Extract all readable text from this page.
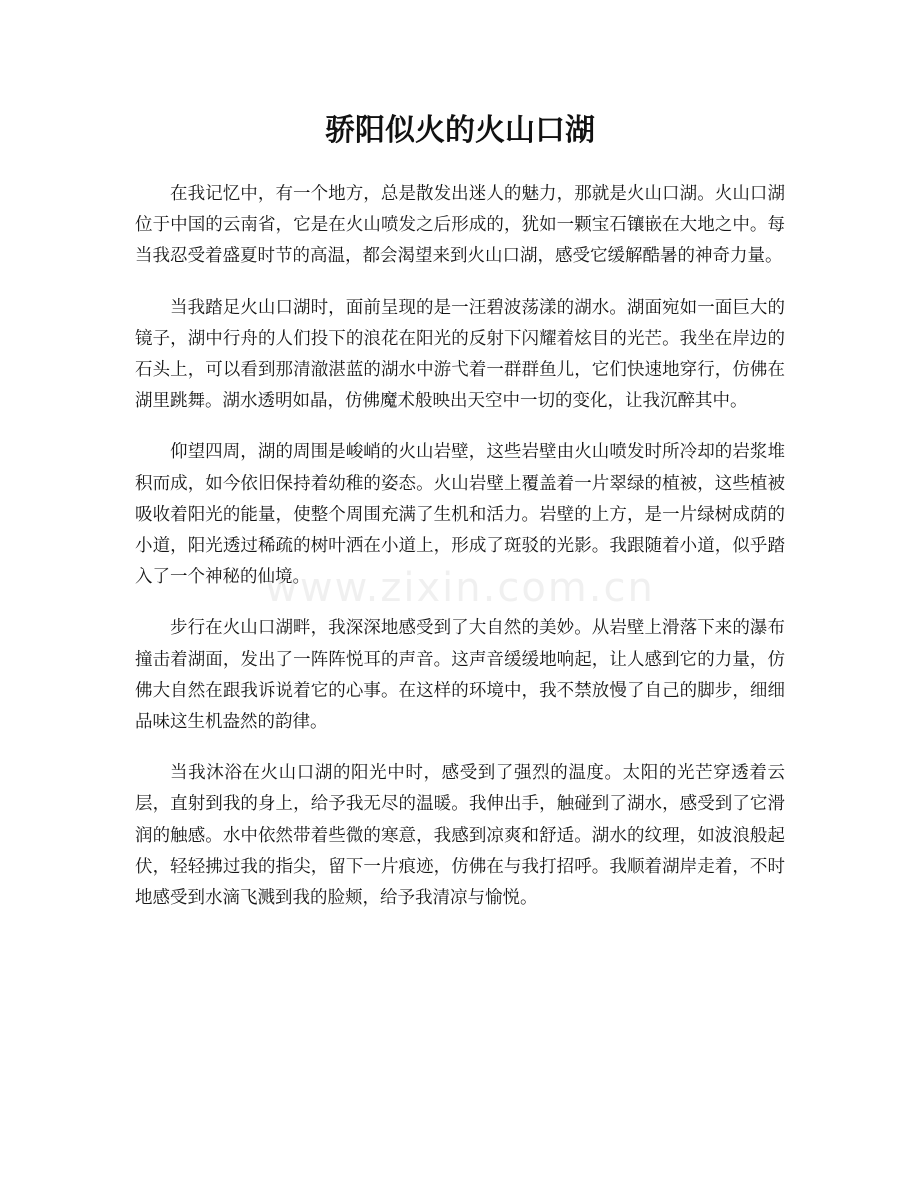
骄阳似火的火山口湖

在我记忆中，有一个地方，总是散发出迷人的魅力，那就是火山口湖。火山口湖位于中国的云南省，它是在火山喷发之后形成的，犹如一颗宝石镶嵌在大地之中。每当我忍受着盛夏时节的高温，都会渴望来到火山口湖，感受它缓解酷暑的神奇力量。

当我踏足火山口湖时，面前呈现的是一汪碧波荡漾的湖水。湖面宛如一面巨大的镜子，湖中行舟的人们投下的浪花在阳光的反射下闪耀着炫目的光芒。我坐在岸边的石头上，可以看到那清澈湛蓝的湖水中游弋着一群群鱼儿，它们快速地穿行，仿佛在湖里跳舞。湖水透明如晶，仿佛魔术般映出天空中一切的变化，让我沉醉其中。

仰望四周，湖的周围是峻峭的火山岩壁，这些岩壁由火山喷发时所冷却的岩浆堆积而成，如今依旧保持着幼稚的姿态。火山岩壁上覆盖着一片翠绿的植被，这些植被吸收着阳光的能量，使整个周围充满了生机和活力。岩壁的上方，是一片绿树成荫的小道，阳光透过稀疏的树叶洒在小道上，形成了斑驳的光影。我跟随着小道，似乎踏入了一个神秘的仙境。

步行在火山口湖畔，我深深地感受到了大自然的美妙。从岩壁上滑落下来的瀑布撞击着湖面，发出了一阵阵悦耳的声音。这声音缓缓地响起，让人感到它的力量，仿佛大自然在跟我诉说着它的心事。在这样的环境中，我不禁放慢了自己的脚步，细细品味这生机盎然的韵律。

当我沐浴在火山口湖的阳光中时，感受到了强烈的温度。太阳的光芒穿透着云层，直射到我的身上，给予我无尽的温暖。我伸出手，触碰到了湖水，感受到了它滑润的触感。水中依然带着些微的寒意，我感到凉爽和舒适。湖水的纹理，如波浪般起伏，轻轻拂过我的指尖，留下一片痕迹，仿佛在与我打招呼。我顺着湖岸走着，不时地感受到水滴飞溅到我的脸颊，给予我清凉与愉悦。

www.zixin.com.cn
